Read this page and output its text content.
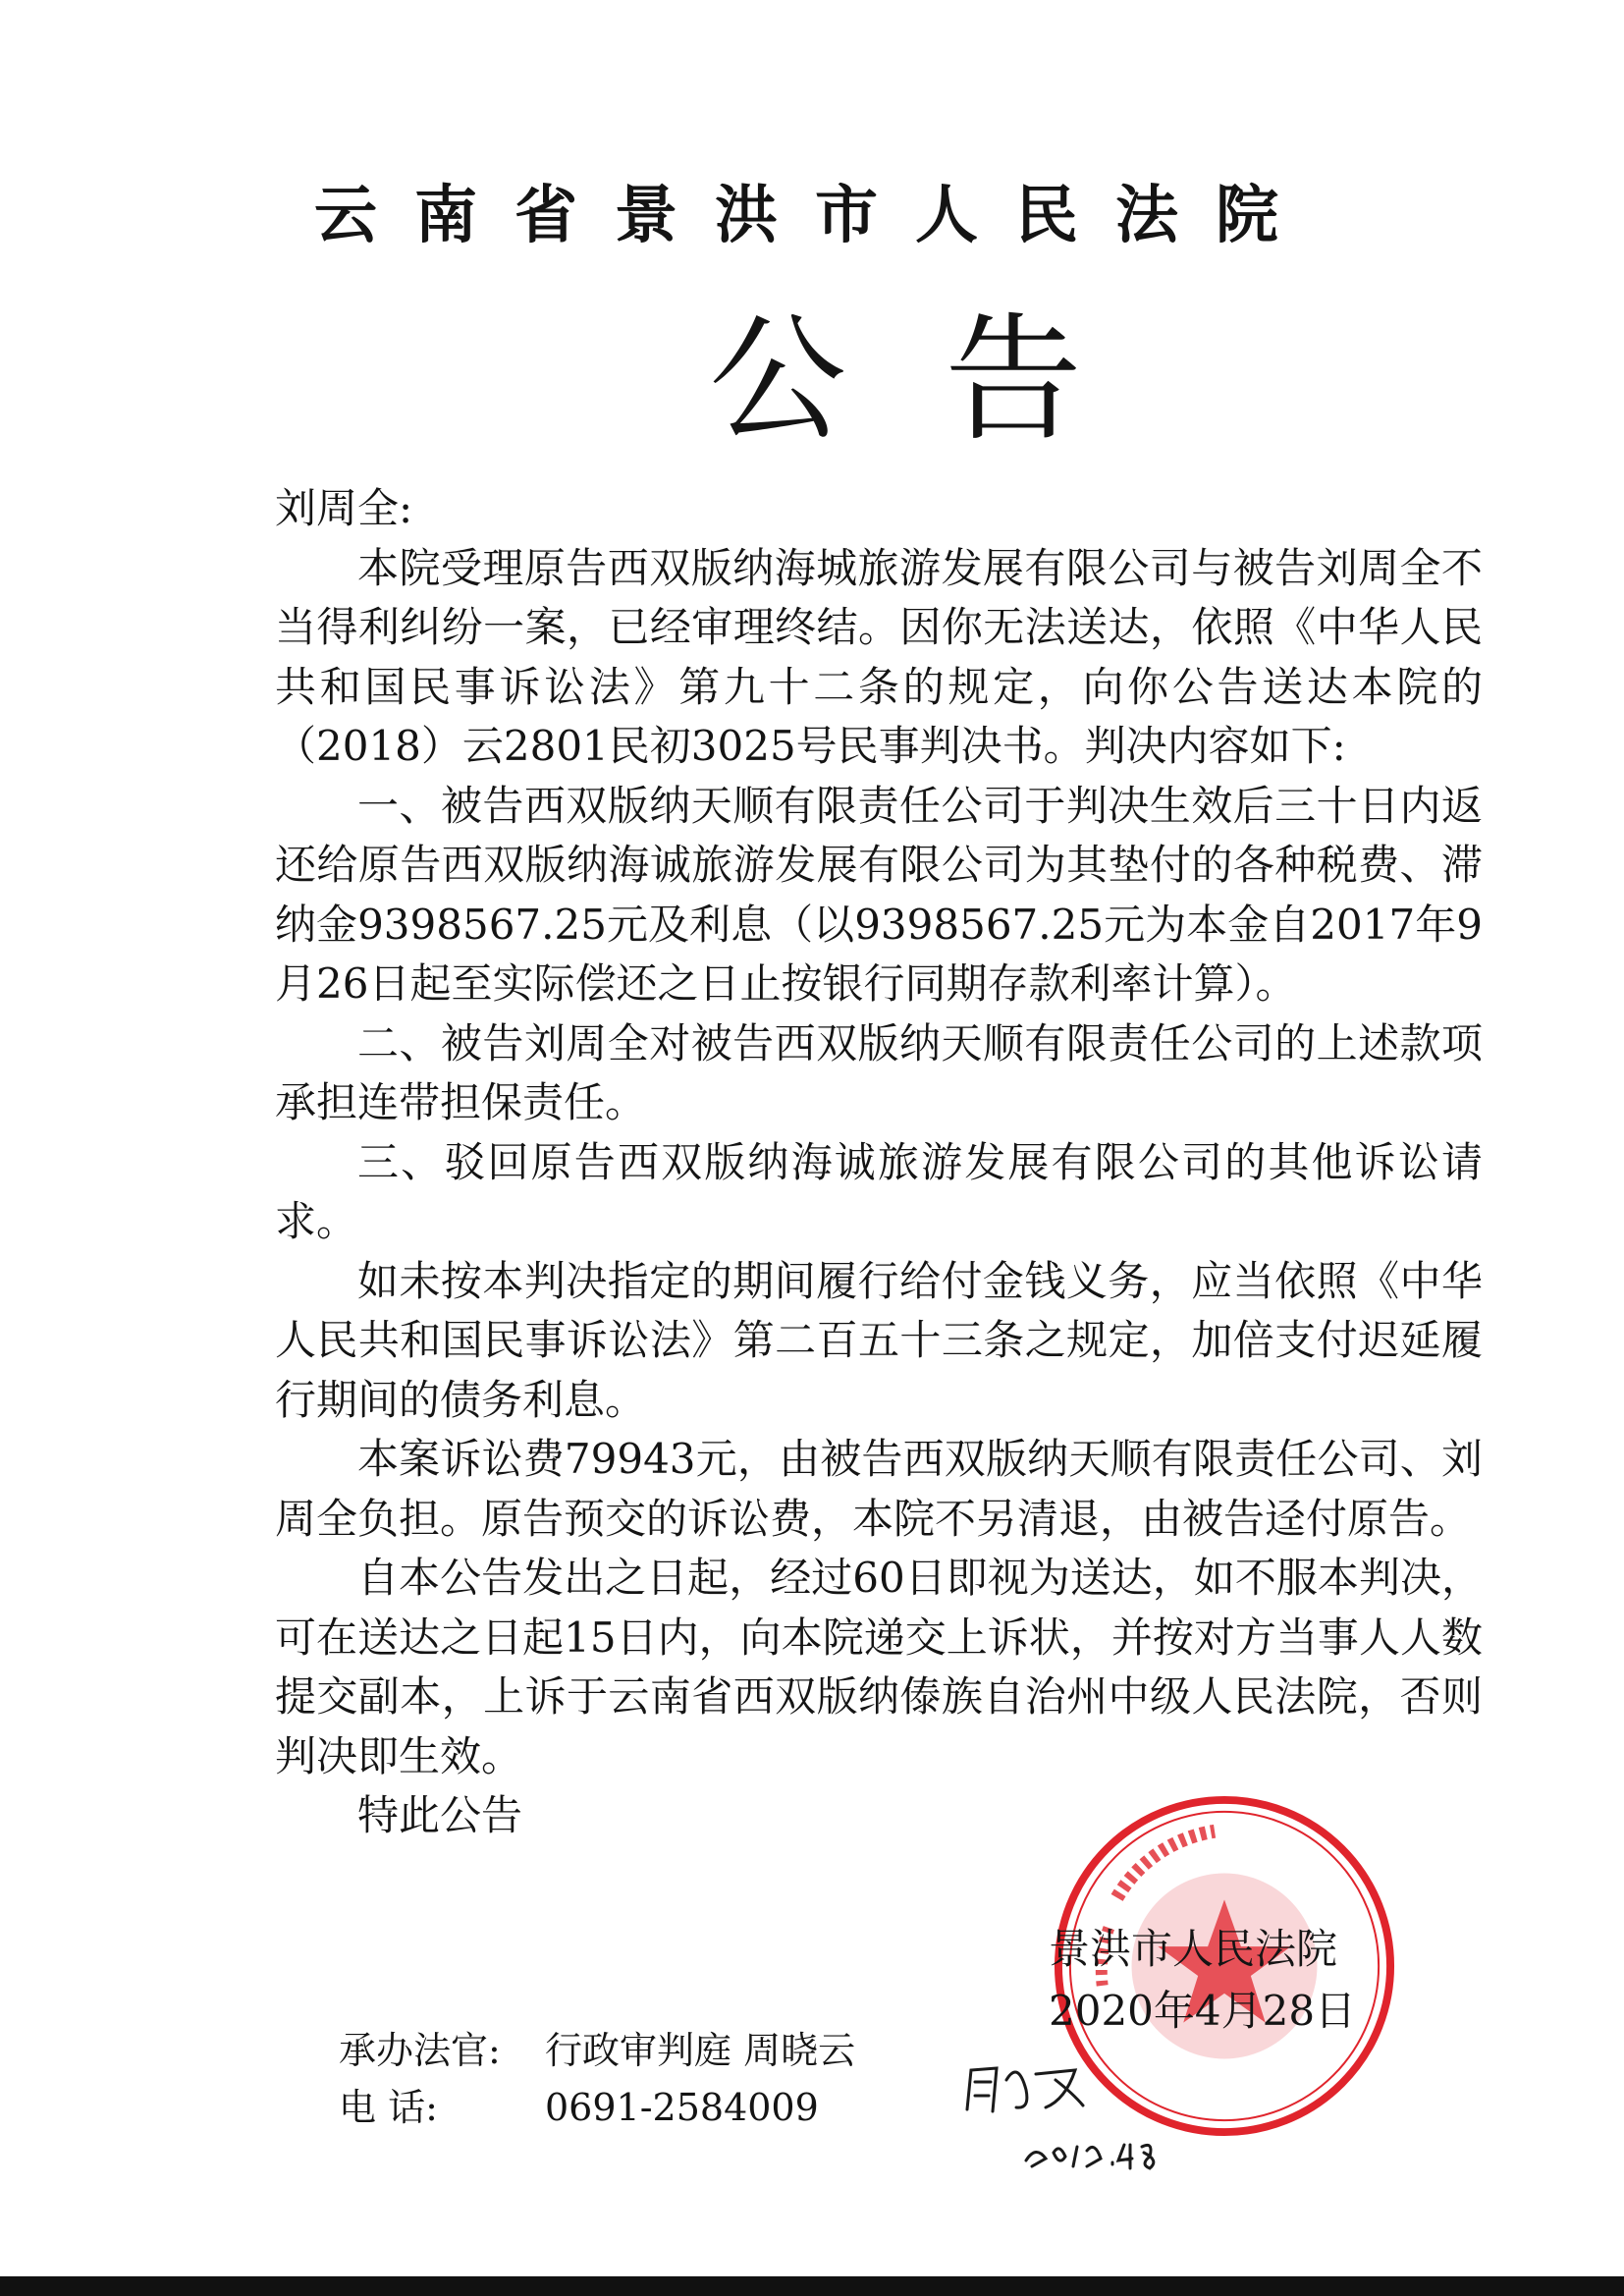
云南省景洪市人民法院
公告

刘周全:

本院受理原告西双版纳海城旅游发展有限公司与被告刘周全不当得利纠纷一案，已经审理终结。因你无法送达，依照《中华人民共和国民事诉讼法》第九十二条的规定，向你公告送达本院的（2018）云2801民初3025号民事判决书。判决内容如下:

一、被告西双版纳天顺有限责任公司于判决生效后三十日内返还给原告西双版纳海诚旅游发展有限公司为其垫付的各种税费、滞纳金9398567.25元及利息（以9398567.25元为本金自2017年9月26日起至实际偿还之日止按银行同期存款利率计算）。

二、被告刘周全对被告西双版纳天顺有限责任公司的上述款项承担连带担保责任。

三、驳回原告西双版纳海诚旅游发展有限公司的其他诉讼请求。

如未按本判决指定的期间履行给付金钱义务，应当依照《中华人民共和国民事诉讼法》第二百五十三条之规定，加倍支付迟延履行期间的债务利息。

本案诉讼费79943元，由被告西双版纳天顺有限责任公司、刘周全负担。原告预交的诉讼费，本院不另清退，由被告迳付原告。

自本公告发出之日起，经过60日即视为送达，如不服本判决，可在送达之日起15日内，向本院递交上诉状，并按对方当事人人数提交副本，上诉于云南省西双版纳傣族自治州中级人民法院，否则判决即生效。

特此公告

景洪市人民法院
2020年4月28日
承办法官: 行政审判庭 周晓云
电 话:	0691-2584009
